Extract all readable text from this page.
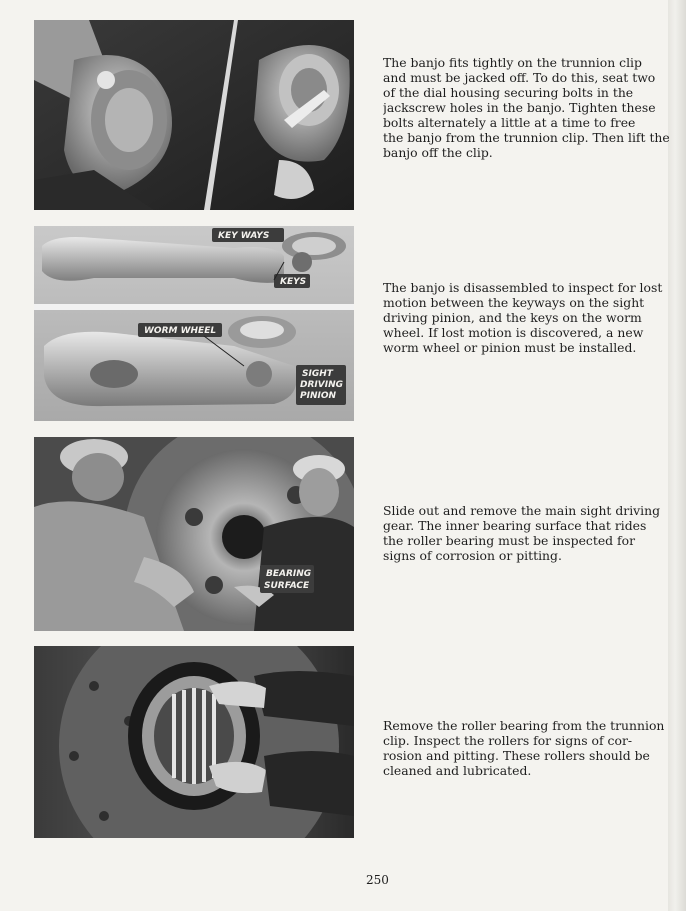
KEY WAYS
KEYS
WORM WHEEL
SIGHT
DRIVING
PINION
BEARING
SURFACE
The banjo fits tightly on the trunnion clip
and must be jacked off. To do this, seat two
of the dial housing securing bolts in the
jackscrew holes in the banjo. Tighten these
bolts alternately a little at a time to free
the banjo from the trunnion clip. Then lift the
banjo off the clip.
The banjo is disassembled to inspect for lost
motion between the keyways on the sight
driving pinion, and the keys on the worm
wheel. If lost motion is discovered, a new
worm wheel or pinion must be installed.
Slide out and remove the main sight driving
gear. The inner bearing surface that rides
the roller bearing must be inspected for
signs of corrosion or pitting.
Remove the roller bearing from the trunnion
clip. Inspect the rollers for signs of cor-
rosion and pitting. These rollers should be
cleaned and lubricated.
250
